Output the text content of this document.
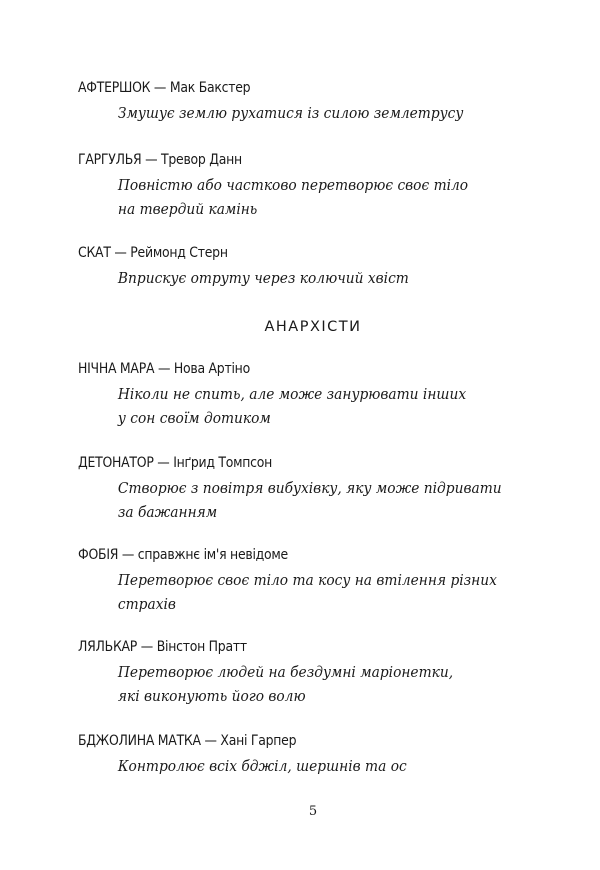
АФТЕРШОК — Мак Бакстер
Змушує землю рухатися із силою землетрусу
ГАРГУЛЬЯ — Тревор Данн
Повністю або частково перетворює своє тіло
на твердий камінь
СКАТ — Реймонд Стерн
Вприскує отруту через колючий хвіст
АНАРХІСТИ
НІЧНА МАРА — Нова Артіно
Ніколи не спить, але може занурювати інших
у сон своїм дотиком
ДЕТОНАТОР — Інґрид Томпсон
Створює з повітря вибухівку, яку може підривати
за бажанням
ФОБІЯ — справжнє ім'я невідоме
Перетворює своє тіло та косу на втілення різних
страхів
ЛЯЛЬКАР — Вінстон Пратт
Перетворює людей на бездумні маріонетки,
які виконують його волю
БДЖОЛИНА МАТКА — Хані Гарпер
Контролює всіх бджіл, шершнів та ос
5
